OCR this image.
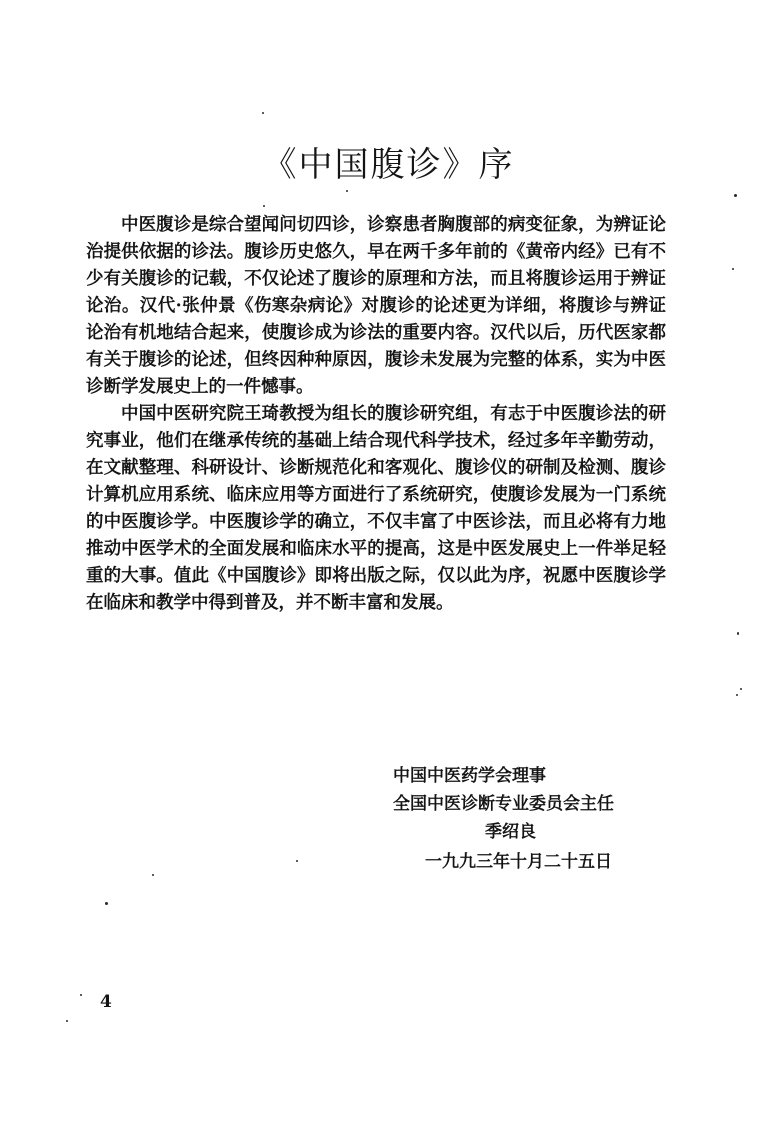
《中国腹诊》序

中医腹诊是综合望闻问切四诊，诊察患者胸腹部的病变征象，为辨证论治提供依据的诊法。腹诊历史悠久，早在两千多年前的《黄帝内经》已有不少有关腹诊的记载，不仅论述了腹诊的原理和方法，而且将腹诊运用于辨证论治。汉代·张仲景《伤寒杂病论》对腹诊的论述更为详细，将腹诊与辨证论治有机地结合起来，使腹诊成为诊法的重要内容。汉代以后，历代医家都有关于腹诊的论述，但终因种种原因，腹诊未发展为完整的体系，实为中医诊断学发展史上的一件憾事。

中国中医研究院王琦教授为组长的腹诊研究组，有志于中医腹诊法的研究事业，他们在继承传统的基础上结合现代科学技术，经过多年辛勤劳动，在文献整理、科研设计、诊断规范化和客观化、腹诊仪的研制及检测、腹诊计算机应用系统、临床应用等方面进行了系统研究，使腹诊发展为一门系统的中医腹诊学。中医腹诊学的确立，不仅丰富了中医诊法，而且必将有力地推动中医学术的全面发展和临床水平的提高，这是中医发展史上一件举足轻重的大事。值此《中国腹诊》即将出版之际，仅以此为序，祝愿中医腹诊学在临床和教学中得到普及，并不断丰富和发展。

中国中医药学会理事
全国中医诊断专业委员会主任
季绍良
一九九三年十月二十五日
4
